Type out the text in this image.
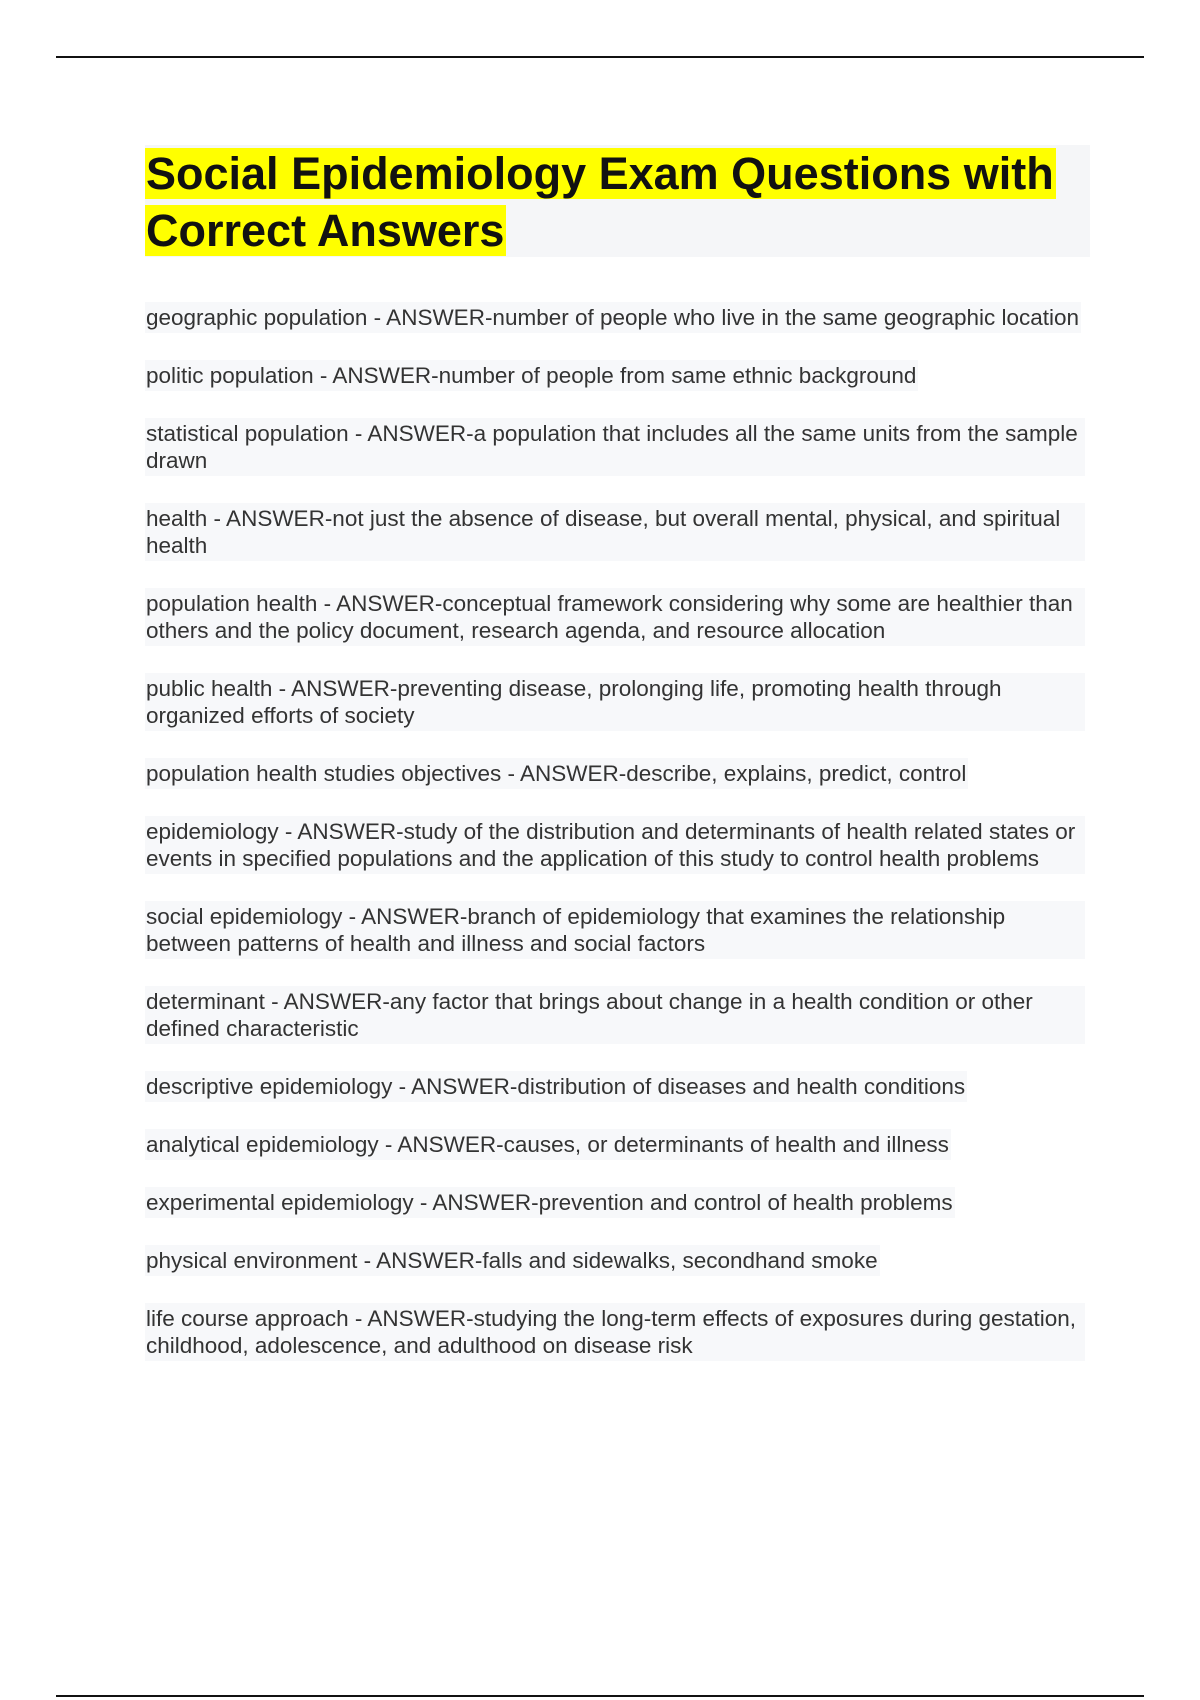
Social Epidemiology Exam Questions with Correct Answers

geographic population - ANSWER-number of people who live in the same geographic location

politic population - ANSWER-number of people from same ethnic background

statistical population - ANSWER-a population that includes all the same units from the sample drawn

health - ANSWER-not just the absence of disease, but overall mental, physical, and spiritual health

population health - ANSWER-conceptual framework considering why some are healthier than others and the policy document, research agenda, and resource allocation

public health - ANSWER-preventing disease, prolonging life, promoting health through organized efforts of society

population health studies objectives - ANSWER-describe, explains, predict, control

epidemiology - ANSWER-study of the distribution and determinants of health related states or events in specified populations and the application of this study to control health problems

social epidemiology - ANSWER-branch of epidemiology that examines the relationship between patterns of health and illness and social factors

determinant - ANSWER-any factor that brings about change in a health condition or other defined characteristic

descriptive epidemiology - ANSWER-distribution of diseases and health conditions

analytical epidemiology - ANSWER-causes, or determinants of health and illness

experimental epidemiology - ANSWER-prevention and control of health problems

physical environment - ANSWER-falls and sidewalks, secondhand smoke

life course approach - ANSWER-studying the long-term effects of exposures during gestation, childhood, adolescence, and adulthood on disease risk
